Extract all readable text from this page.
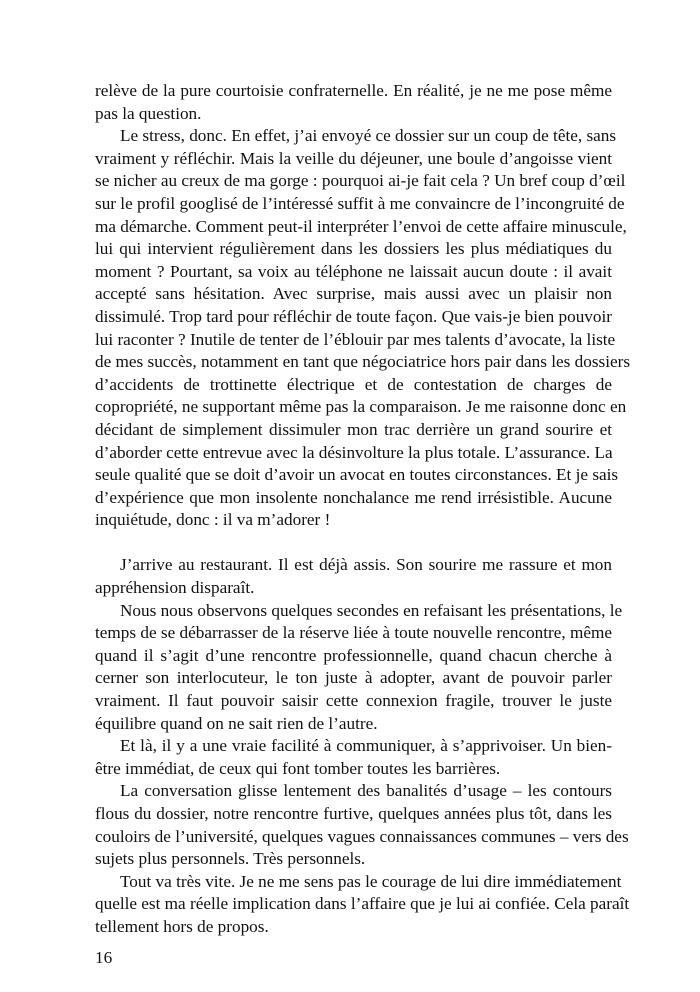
relève de la pure courtoisie confraternelle. En réalité, je ne me pose même
pas la question.
Le stress, donc. En effet, j’ai envoyé ce dossier sur un coup de tête, sans
vraiment y réfléchir. Mais la veille du déjeuner, une boule d’angoisse vient
se nicher au creux de ma gorge : pourquoi ai-je fait cela ? Un bref coup d’œil
sur le profil googlisé de l’intéressé suffit à me convaincre de l’incongruité de
ma démarche. Comment peut-il interpréter l’envoi de cette affaire minuscule,
lui qui intervient régulièrement dans les dossiers les plus médiatiques du
moment ? Pourtant, sa voix au téléphone ne laissait aucun doute : il avait
accepté sans hésitation. Avec surprise, mais aussi avec un plaisir non
dissimulé. Trop tard pour réfléchir de toute façon. Que vais-je bien pouvoir
lui raconter ? Inutile de tenter de l’éblouir par mes talents d’avocate, la liste
de mes succès, notamment en tant que négociatrice hors pair dans les dossiers
d’accidents de trottinette électrique et de contestation de charges de
copropriété, ne supportant même pas la comparaison. Je me raisonne donc en
décidant de simplement dissimuler mon trac derrière un grand sourire et
d’aborder cette entrevue avec la désinvolture la plus totale. L’assurance. La
seule qualité que se doit d’avoir un avocat en toutes circonstances. Et je sais
d’expérience que mon insolente nonchalance me rend irrésistible. Aucune
inquiétude, donc : il va m’adorer !
J’arrive au restaurant. Il est déjà assis. Son sourire me rassure et mon
appréhension disparaît.
Nous nous observons quelques secondes en refaisant les présentations, le
temps de se débarrasser de la réserve liée à toute nouvelle rencontre, même
quand il s’agit d’une rencontre professionnelle, quand chacun cherche à
cerner son interlocuteur, le ton juste à adopter, avant de pouvoir parler
vraiment. Il faut pouvoir saisir cette connexion fragile, trouver le juste
équilibre quand on ne sait rien de l’autre.
Et là, il y a une vraie facilité à communiquer, à s’apprivoiser. Un bien-
être immédiat, de ceux qui font tomber toutes les barrières.
La conversation glisse lentement des banalités d’usage – les contours
flous du dossier, notre rencontre furtive, quelques années plus tôt, dans les
couloirs de l’université, quelques vagues connaissances communes – vers des
sujets plus personnels. Très personnels.
Tout va très vite. Je ne me sens pas le courage de lui dire immédiatement
quelle est ma réelle implication dans l’affaire que je lui ai confiée. Cela paraît
tellement hors de propos.
16
